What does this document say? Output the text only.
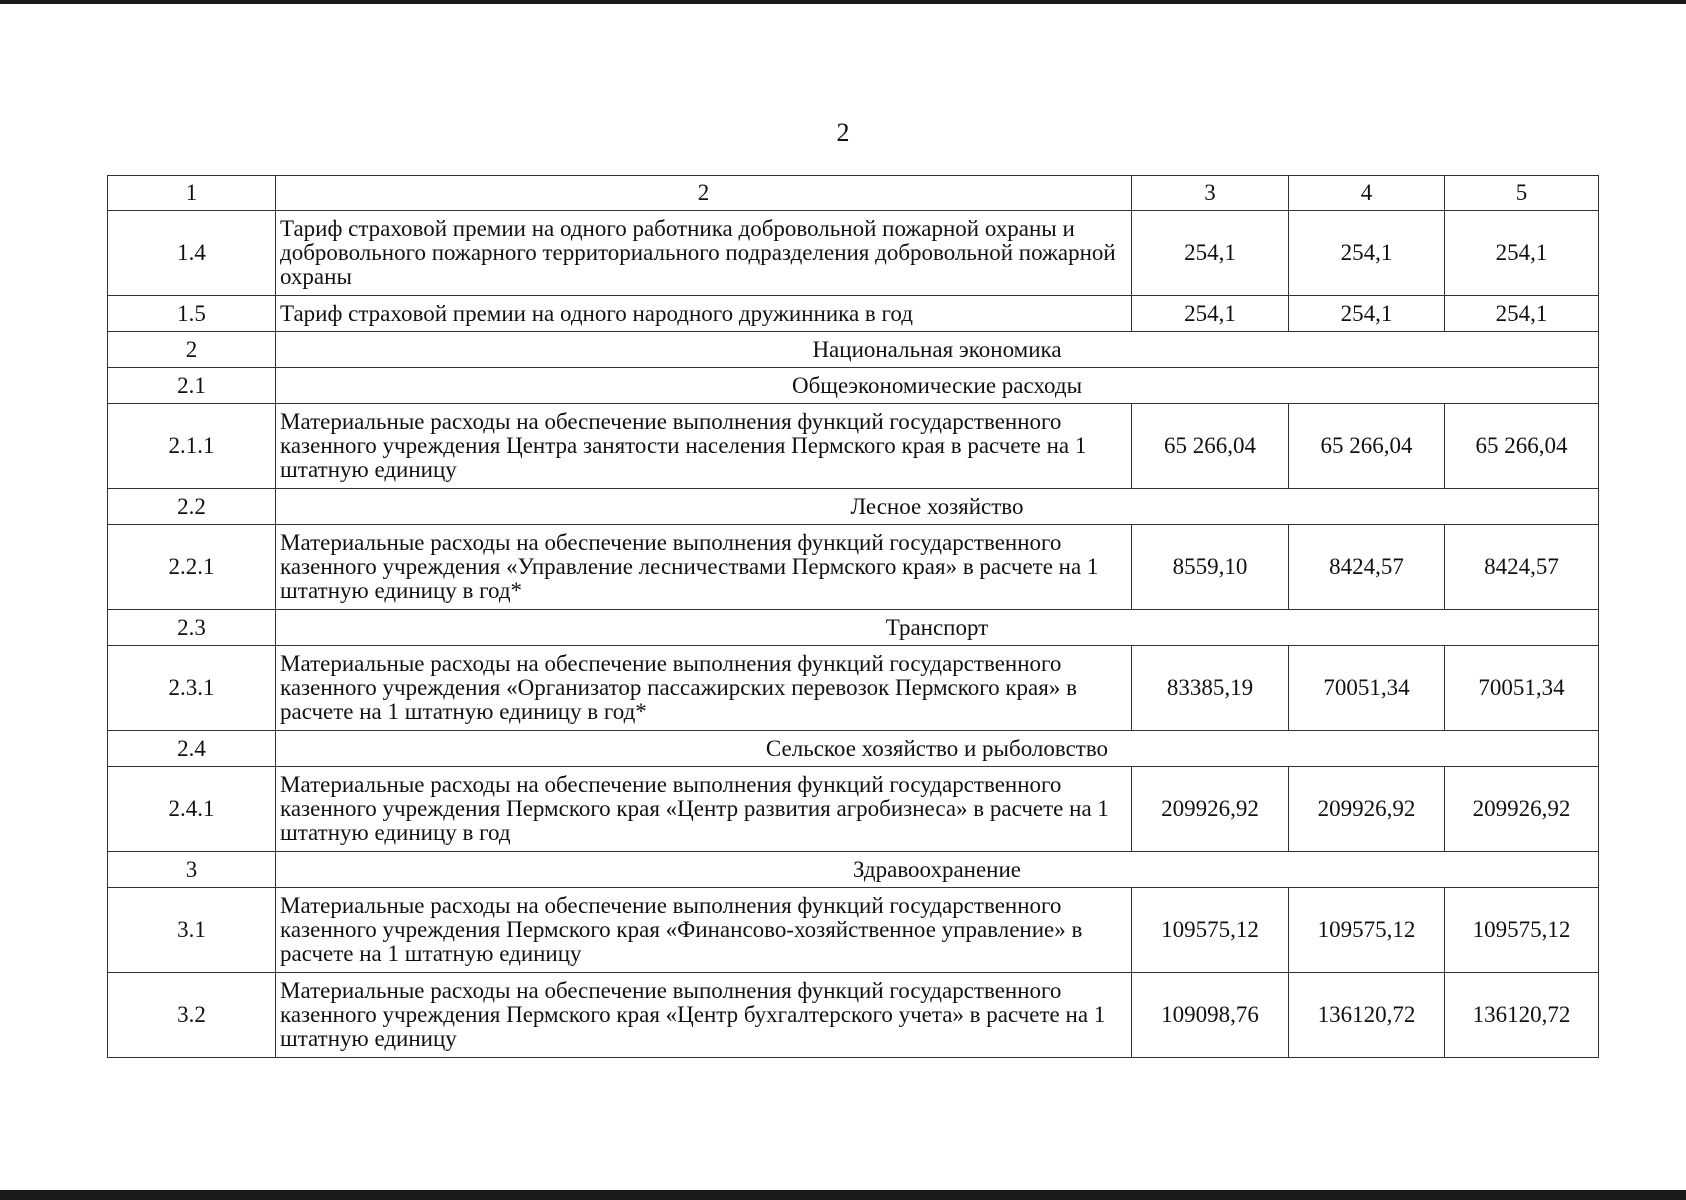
2
1	2	3	4	5
1.4	Тариф страховой премии на одного работника добровольной пожарной охраны и добровольного пожарного территориального подразделения добровольной пожарной охраны	254,1	254,1	254,1
1.5	Тариф страховой премии на одного народного дружинника в год	254,1	254,1	254,1
2	Национальная экономика			
2.1	Общеэкономические расходы			
2.1.1	Материальные расходы на обеспечение выполнения функций государственного казенного учреждения Центра занятости населения Пермского края в расчете на 1 штатную единицу	65 266,04	65 266,04	65 266,04
2.2	Лесное хозяйство			
2.2.1	Материальные расходы на обеспечение выполнения функций государственного казенного учреждения «Управление лесничествами Пермского края» в расчете на 1 штатную единицу в год*	8559,10	8424,57	8424,57
2.3	Транспорт			
2.3.1	Материальные расходы на обеспечение выполнения функций государственного казенного учреждения «Организатор пассажирских перевозок Пермского края» в расчете на 1 штатную единицу в год*	83385,19	70051,34	70051,34
2.4	Сельское хозяйство и рыболовство			
2.4.1	Материальные расходы на обеспечение выполнения функций государственного казенного учреждения Пермского края «Центр развития агробизнеса» в расчете на 1 штатную единицу в год	209926,92	209926,92	209926,92
3	Здравоохранение			
3.1	Материальные расходы на обеспечение выполнения функций государственного казенного учреждения Пермского края «Финансово-хозяйственное управление» в расчете на 1 штатную единицу	109575,12	109575,12	109575,12
3.2	Материальные расходы на обеспечение выполнения функций государственного казенного учреждения Пермского края «Центр бухгалтерского учета» в расчете на 1 штатную единицу	109098,76	136120,72	136120,72
